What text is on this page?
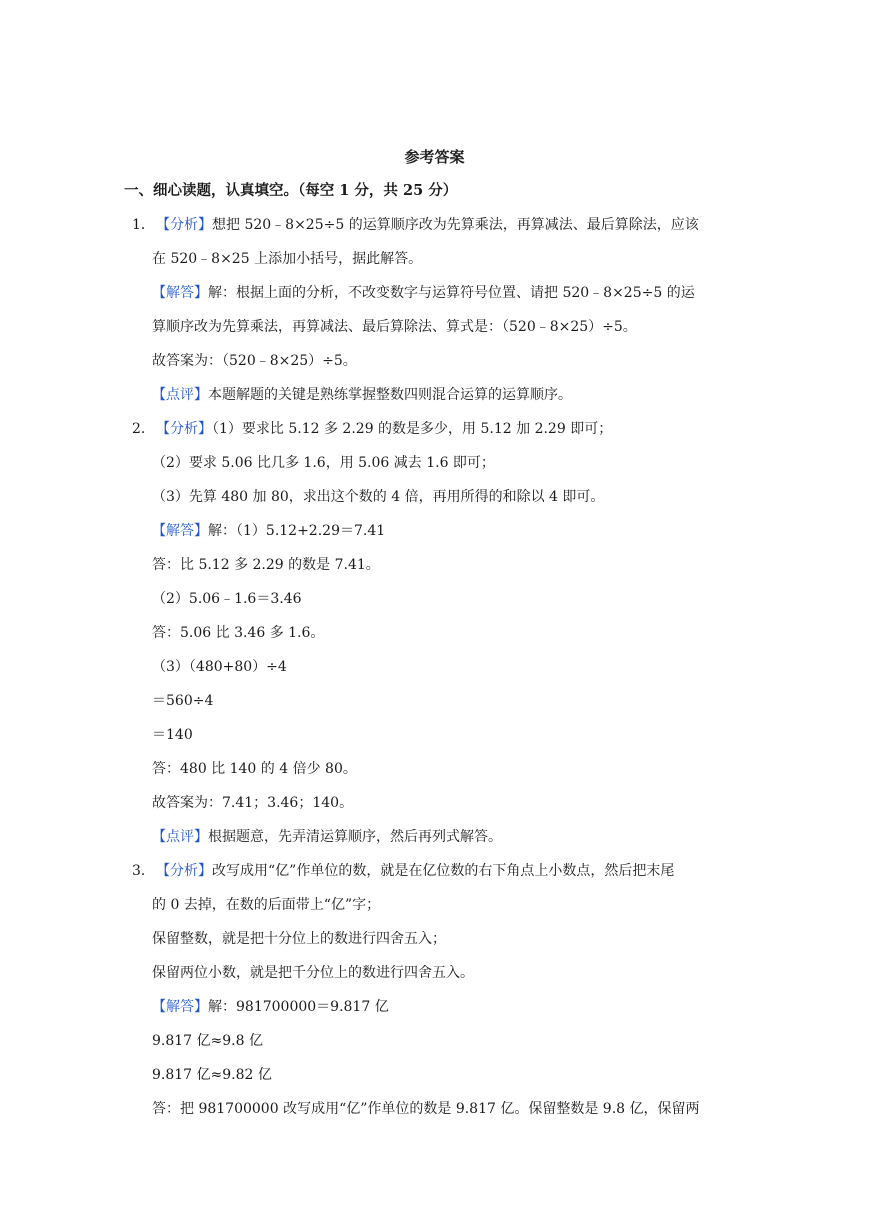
参考答案
一、细心读题，认真填空。（每空 1 分，共 25 分）
1．【分析】想把 520﹣8×25÷5 的运算顺序改为先算乘法，再算减法、最后算除法，应该
在 520﹣8×25 上添加小括号，据此解答。
【解答】解：根据上面的分析，不改变数字与运算符号位置、请把 520﹣8×25÷5 的运
算顺序改为先算乘法，再算减法、最后算除法、算式是：（520﹣8×25）÷5。
故答案为：（520﹣8×25）÷5。
【点评】本题解题的关键是熟练掌握整数四则混合运算的运算顺序。
2．【分析】（1）要求比 5.12 多 2.29 的数是多少，用 5.12 加 2.29 即可；
（2）要求 5.06 比几多 1.6，用 5.06 减去 1.6 即可；
（3）先算 480 加 80，求出这个数的 4 倍，再用所得的和除以 4 即可。
【解答】解：（1）5.12+2.29＝7.41
答：比 5.12 多 2.29 的数是 7.41。
（2）5.06﹣1.6＝3.46
答：5.06 比 3.46 多 1.6。
（3）（480+80）÷4
＝560÷4
＝140
答：480 比 140 的 4 倍少 80。
故答案为：7.41；3.46；140。
【点评】根据题意，先弄清运算顺序，然后再列式解答。
3．【分析】改写成用“亿”作单位的数，就是在亿位数的右下角点上小数点，然后把末尾
的 0 去掉，在数的后面带上“亿”字；
保留整数，就是把十分位上的数进行四舍五入；
保留两位小数，就是把千分位上的数进行四舍五入。
【解答】解：981700000＝9.817 亿
9.817 亿≈9.8 亿
9.817 亿≈9.82 亿
答：把 981700000 改写成用“亿”作单位的数是 9.817 亿。保留整数是 9.8 亿，保留两
